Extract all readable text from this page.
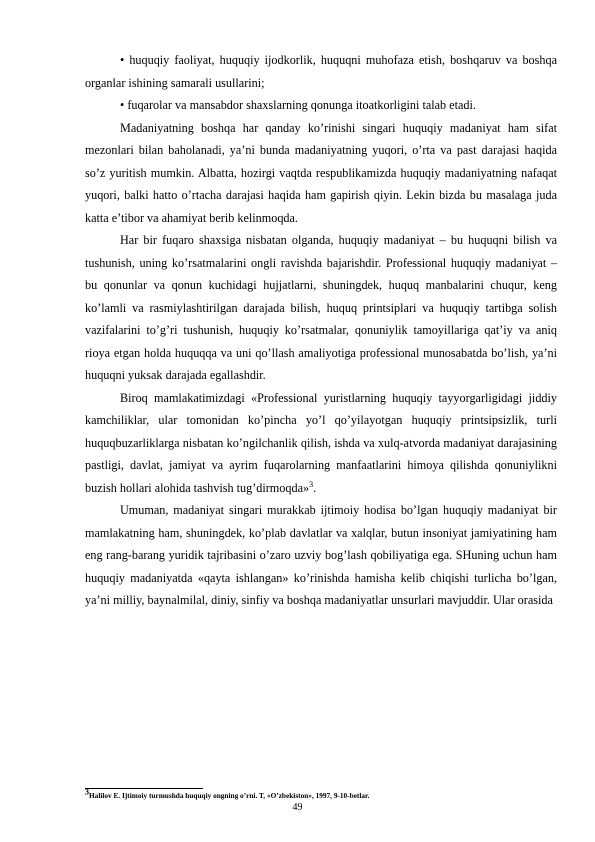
• huquqiy faoliyat, huquqiy ijodkorlik, huquqni muhofaza etish, boshqaruv va boshqa organlar ishining samarali usullarini;

• fuqarolar va mansabdor shaxslarning qonunga itoatkorligini talab etadi.

Madaniyatning boshqa har qanday ko’rinishi singari huquqiy madaniyat ham sifat mezonlari bilan baholanadi, ya’ni bunda madaniyatning yuqori, o’rta va past darajasi haqida so’z yuritish mumkin. Albatta, hozirgi vaqtda respublikamizda huquqiy madaniyatning nafaqat yuqori, balki hatto o’rtacha darajasi haqida ham gapirish qiyin. Lekin bizda bu masalaga juda katta e’tibor va ahamiyat berib kelinmoqda.

Har bir fuqaro shaxsiga nisbatan olganda, huquqiy madaniyat – bu huquqni bilish va tushunish, uning ko’rsatmalarini ongli ravishda bajarishdir. Professional huquqiy madaniyat – bu qonunlar va qonun kuchidagi hujjatlarni, shuningdek, huquq manbalarini chuqur, keng ko’lamli va rasmiylashtirilgan darajada bilish, huquq printsiplari va huquqiy tartibga solish vazifalarini to’g’ri tushunish, huquqiy ko’rsatmalar, qonuniylik tamoyillariga qat’iy va aniq rioya etgan holda huquqqa va uni qo’llash amaliyotiga professional munosabatda bo’lish, ya’ni huquqni yuksak darajada egallashdir.

Biroq mamlakatimizdagi «Professional yuristlarning huquqiy tayyorgarligidagi jiddiy kamchiliklar, ular tomonidan ko’pincha yo’l qo’yilayotgan huquqiy printsipsizlik, turli huquqbuzarliklarga nisbatan ko’ngilchanlik qilish, ishda va xulq-atvorda madaniyat darajasining pastligi, davlat, jamiyat va ayrim fuqarolarning manfaatlarini himoya qilishda qonuniylikni buzish hollari alohida tashvish tug’dirmoqda»$^3$.

Umuman, madaniyat singari murakkab ijtimoiy hodisa bo’lgan huquqiy madaniyat bir mamlakatning ham, shuningdek, ko’plab davlatlar va xalqlar, butun insoniyat jamiyatining ham eng rang-barang yuridik tajribasini o’zaro uzviy bog’lash qobiliyatiga ega. SHuning uchun ham huquqiy madaniyatda «qayta ishlangan» ko’rinishda hamisha kelib chiqishi turlicha bo’lgan, ya’ni milliy, baynalmilal, diniy, sinfiy va boshqa madaniyatlar unsurlari mavjuddir. Ular orasida

$^3$Halilov E. Ijtimoiy turmushda huquqiy ongning o’rni. T, «O’zbekiston», 1997, 9-10-betlar.
49
